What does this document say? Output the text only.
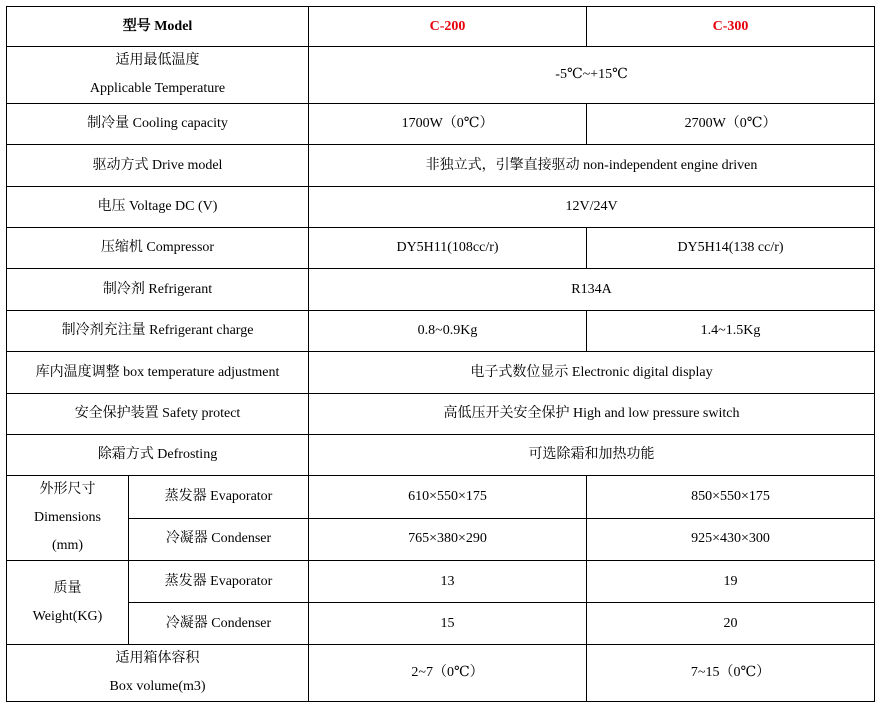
型号 Model		C-200	C-300

适用最低温度
Applicable Temperature		-5℃~+15℃	
制冷量 Cooling capacity		1700W（0℃）	2700W（0℃）
驱动方式 Drive model		非独立式，引擎直接驱动 non-independent engine driven	
电压 Voltage DC (V)		12V/24V	
压缩机 Compressor		DY5H11(108cc/r)	DY5H14(138 cc/r)
制冷剂 Refrigerant		R134A	
制冷剂充注量 Refrigerant charge		0.8~0.9Kg	1.4~1.5Kg
库内温度调整 box temperature adjustment		电子式数位显示 Electronic digital display	
安全保护装置 Safety protect		高低压开关安全保护 High and low pressure switch	
除霜方式 Defrosting		可选除霜和加热功能	

外形尺寸
Dimensions
(mm)	蒸发器 Evaporator	610×550×175	850×550×175
	冷凝器 Condenser	765×380×290	925×430×300

质量
Weight(KG)	蒸发器 Evaporator	13	19
	冷凝器 Condenser	15	20

适用箱体容积
Box volume(m3)		2~7（0℃）	7~15（0℃）
